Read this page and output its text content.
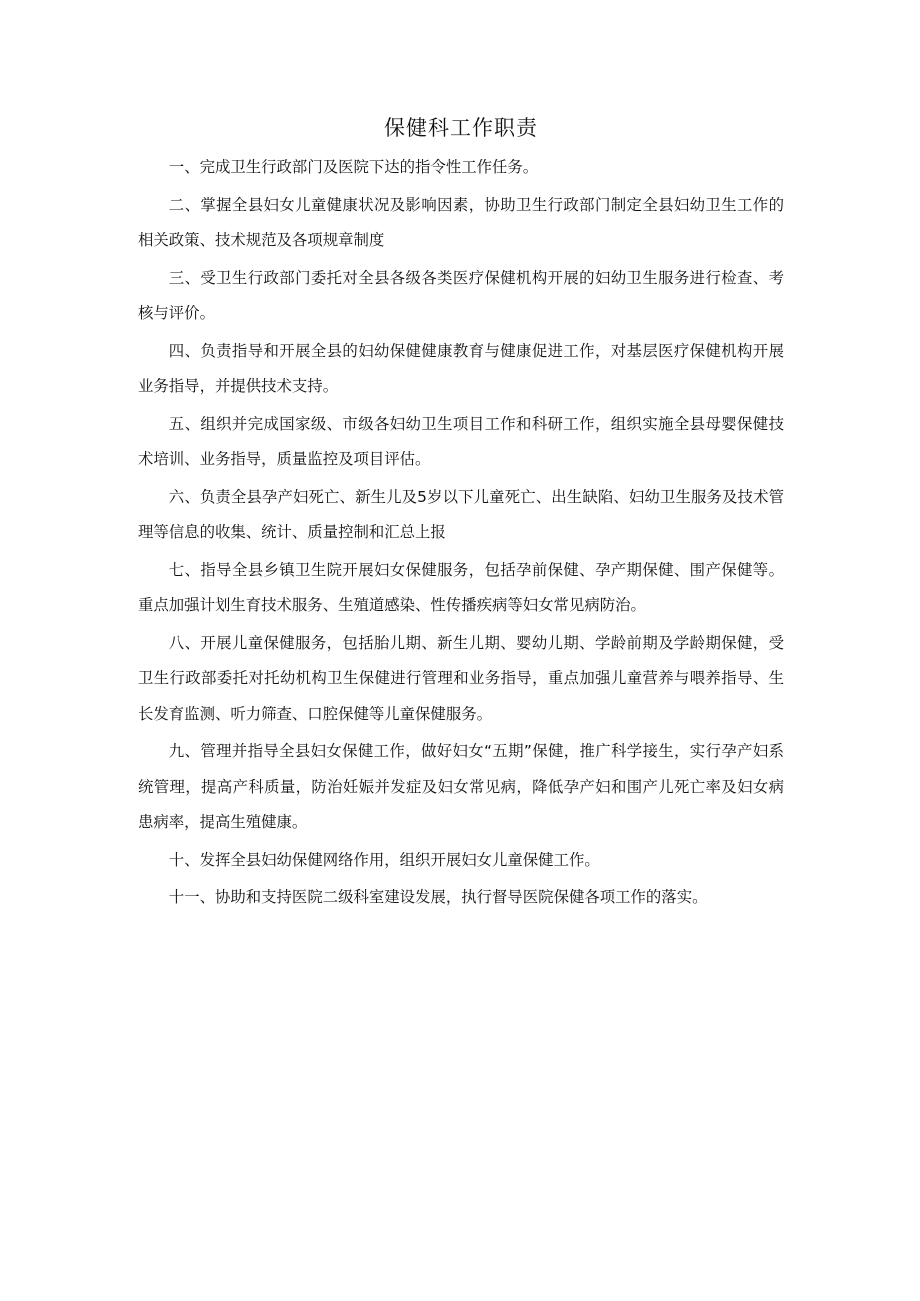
保健科工作职责

一、完成卫生行政部门及医院下达的指令性工作任务。

二、掌握全县妇女儿童健康状况及影响因素，协助卫生行政部门制定全县妇幼卫生工作的相关政策、技术规范及各项规章制度

三、受卫生行政部门委托对全县各级各类医疗保健机构开展的妇幼卫生服务进行检查、考核与评价。

四、负责指导和开展全县的妇幼保健健康教育与健康促进工作，对基层医疗保健机构开展业务指导，并提供技术支持。

五、组织并完成国家级、市级各妇幼卫生项目工作和科研工作，组织实施全县母婴保健技术培训、业务指导，质量监控及项目评估。

六、负责全县孕产妇死亡、新生儿及5岁以下儿童死亡、出生缺陷、妇幼卫生服务及技术管理等信息的收集、统计、质量控制和汇总上报

七、指导全县乡镇卫生院开展妇女保健服务，包括孕前保健、孕产期保健、围产保健等。重点加强计划生育技术服务、生殖道感染、性传播疾病等妇女常见病防治。

八、开展儿童保健服务，包括胎儿期、新生儿期、婴幼儿期、学龄前期及学龄期保健，受卫生行政部委托对托幼机构卫生保健进行管理和业务指导，重点加强儿童营养与喂养指导、生长发育监测、听力筛查、口腔保健等儿童保健服务。

九、管理并指导全县妇女保健工作，做好妇女“五期”保健，推广科学接生，实行孕产妇系统管理，提高产科质量，防治妊娠并发症及妇女常见病，降低孕产妇和围产儿死亡率及妇女病患病率，提高生殖健康。

十、发挥全县妇幼保健网络作用，组织开展妇女儿童保健工作。

十一、协助和支持医院二级科室建设发展，执行督导医院保健各项工作的落实。
